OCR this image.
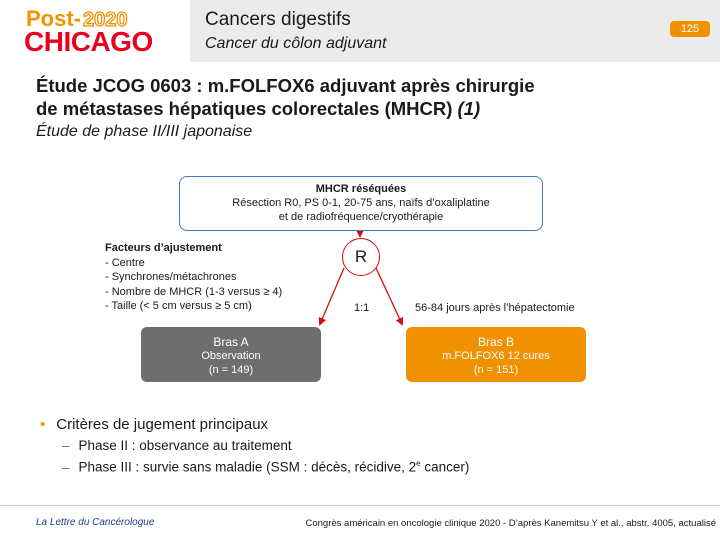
Post- 2020
CHICAGO
Cancers digestifs
Cancer du côlon adjuvant
125
Étude JCOG 0603 : m.FOLFOX6 adjuvant après chirurgie
de métastases hépatiques colorectales (MHCR) (1)
Étude de phase II/III japonaise
MHCR réséquées
Résection R0, PS 0-1, 20-75 ans, naïfs d’oxaliplatine
et de radiofréquence/cryothérapie
Facteurs d’ajustement
- Centre
- Synchrones/métachrones
- Nombre de MHCR (1-3 versus ≥ 4)
- Taille (< 5 cm versus ≥ 5 cm)
R
1:1	56-84 jours après l’hépatectomie
Bras A
Observation
(n = 149)
Bras B
m.FOLFOX6 12 cures
(n = 151)
• Critères de jugement principaux
– Phase II : observance au traitement
– Phase III : survie sans maladie (SSM : décès, récidive, 2e cancer)
La Lettre du Cancérologue	Congrès américain en oncologie clinique 2020 - D’après Kanemitsu Y et al., abstr. 4005, actualisé
